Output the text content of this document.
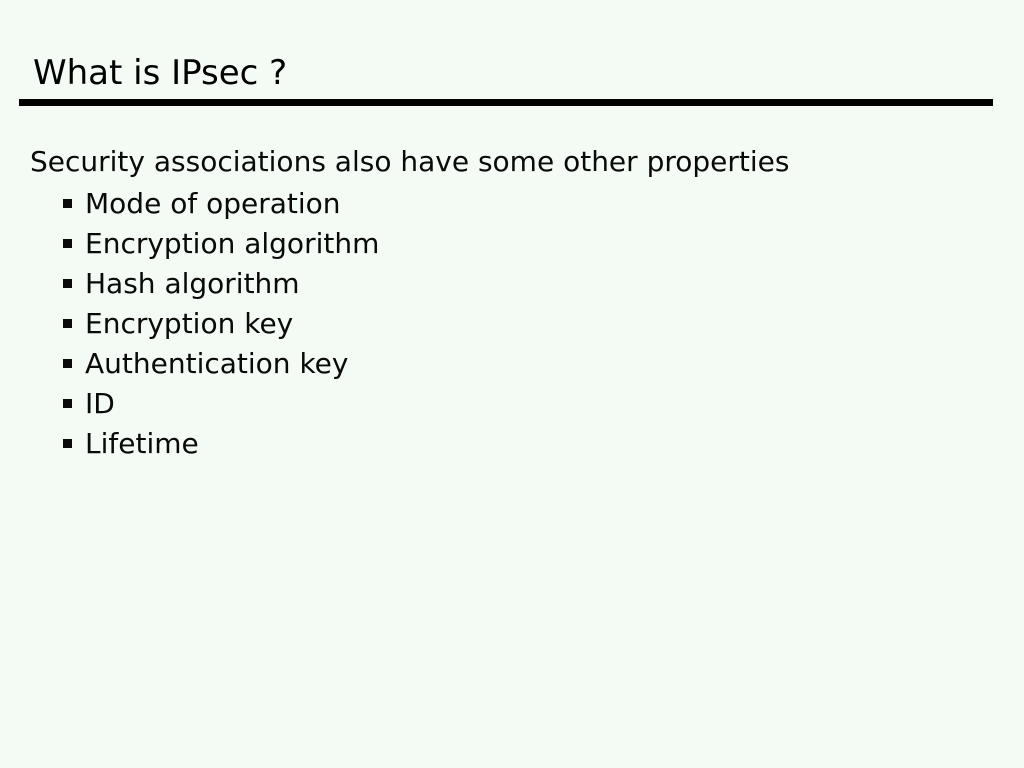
What is IPsec ?

Security associations also have some other properties

Mode of operation
Encryption algorithm
Hash algorithm
Encryption key
Authentication key
ID
Lifetime
